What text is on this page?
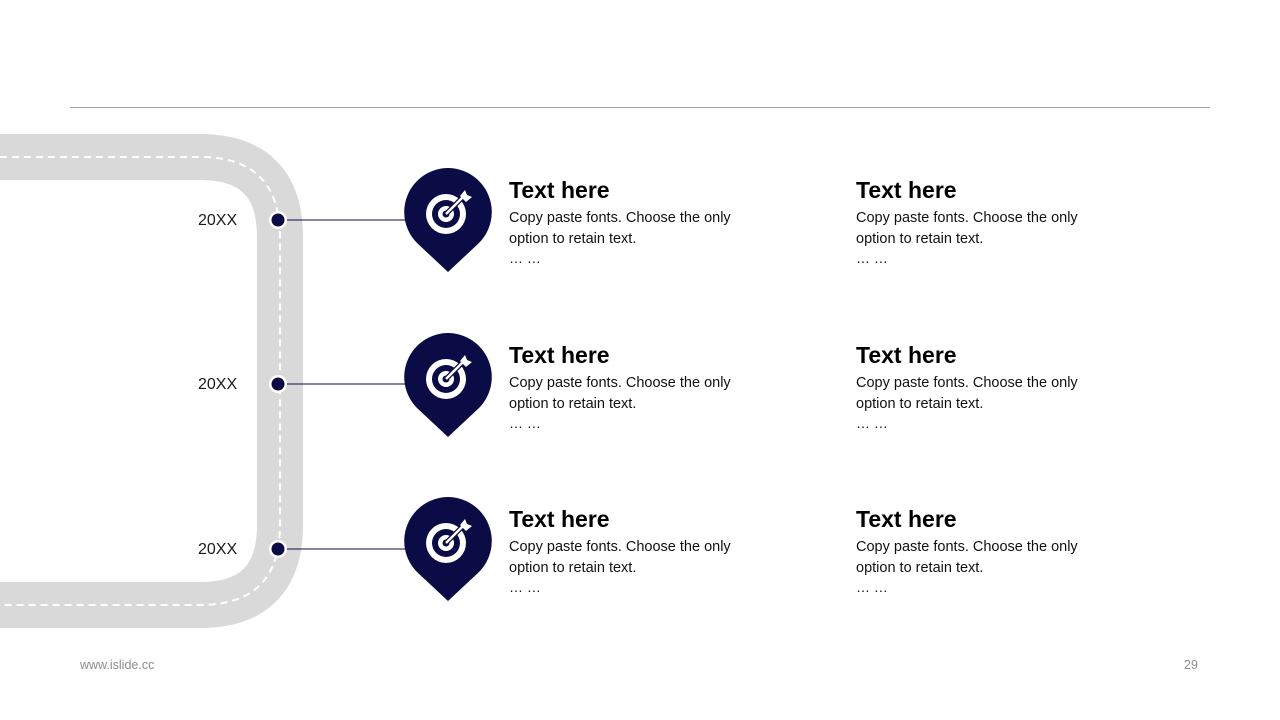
20XX
20XX
20XX
Text here
Copy paste fonts. Choose the only option to retain text.
… …
Text here
Copy paste fonts. Choose the only option to retain text.
… …
Text here
Copy paste fonts. Choose the only option to retain text.
… …
Text here
Copy paste fonts. Choose the only option to retain text.
… …
Text here
Copy paste fonts. Choose the only option to retain text.
… …
Text here
Copy paste fonts. Choose the only option to retain text.
… …
www.islide.cc	29
